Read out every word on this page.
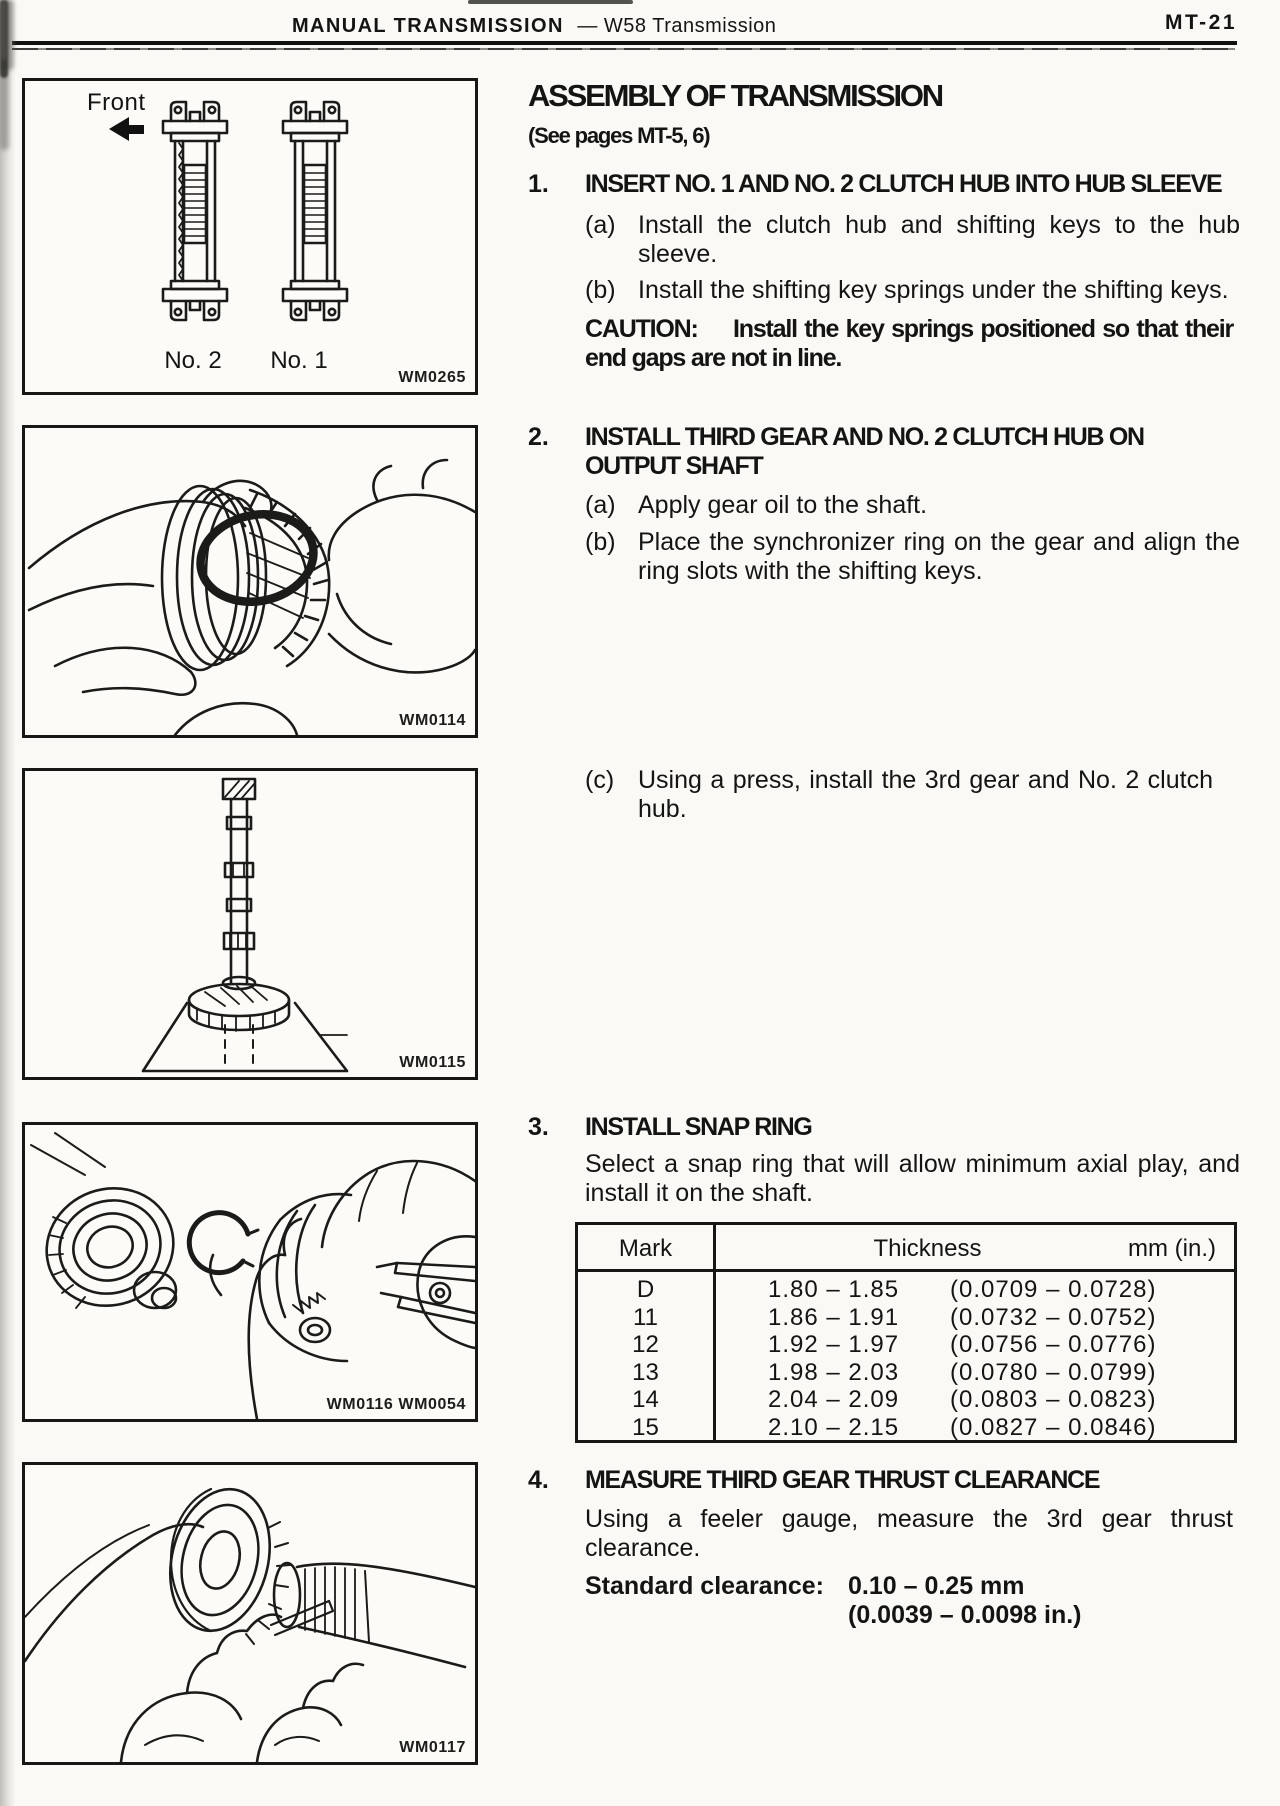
MANUAL TRANSMISSION — W58 Transmission	MT-21
Front
No. 2	No. 1
WM0265
WM0114
WM0115
WM0116 WM0054
WM0117
ASSEMBLY OF TRANSMISSION
(See pages MT-5, 6)
1.	INSERT NO. 1 AND NO. 2 CLUTCH HUB INTO HUB SLEEVE
(a) Install the clutch hub and shifting keys to the hub sleeve.
(b) Install the shifting key springs under the shifting keys.
CAUTION: Install the key springs positioned so that their end gaps are not in line.
2.	INSTALL THIRD GEAR AND NO. 2 CLUTCH HUB ON OUTPUT SHAFT
(a) Apply gear oil to the shaft.
(b) Place the synchronizer ring on the gear and align the ring slots with the shifting keys.
(c) Using a press, install the 3rd gear and No. 2 clutch hub.
3.	INSTALL SNAP RING
Select a snap ring that will allow minimum axial play, and install it on the shaft.
Mark	Thickness	mm (in.)
D	1.80 – 1.85 (0.0709 – 0.0728)
11	1.86 – 1.91 (0.0732 – 0.0752)
12	1.92 – 1.97 (0.0756 – 0.0776)
13	1.98 – 2.03 (0.0780 – 0.0799)
14	2.04 – 2.09 (0.0803 – 0.0823)
15	2.10 – 2.15 (0.0827 – 0.0846)
4.	MEASURE THIRD GEAR THRUST CLEARANCE
Using a feeler gauge, measure the 3rd gear thrust clearance.
Standard clearance: 0.10 – 0.25 mm
(0.0039 – 0.0098 in.)
